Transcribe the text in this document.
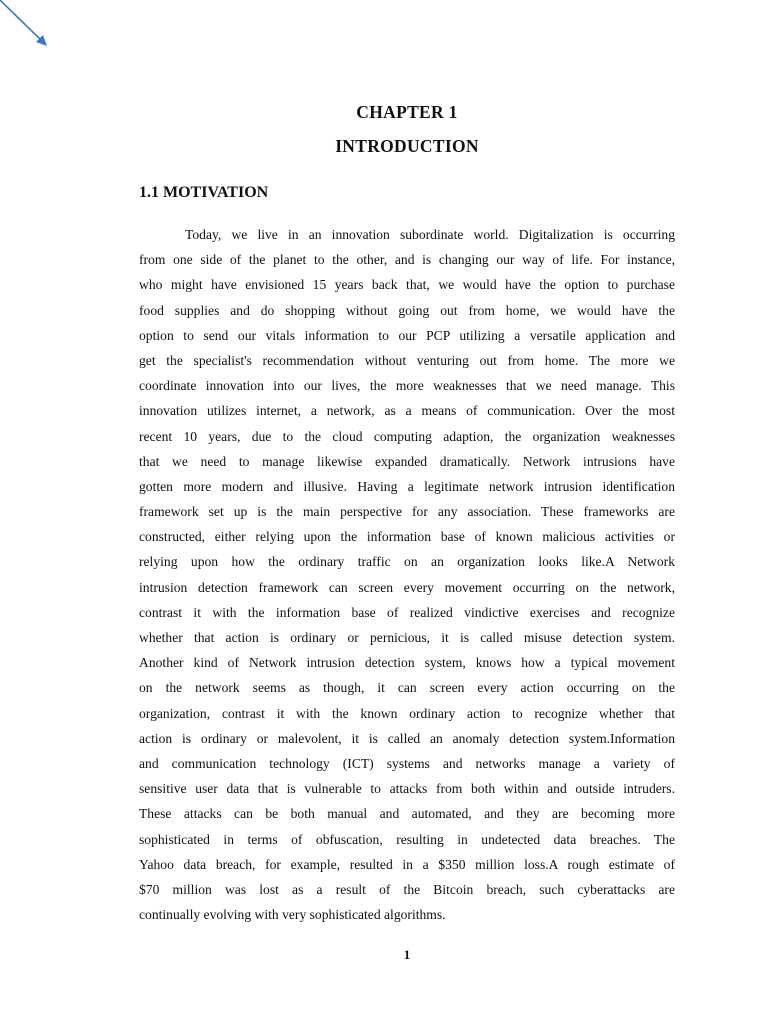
CHAPTER 1
INTRODUCTION
1.1 MOTIVATION
Today, we live in an innovation subordinate world. Digitalization is occurring
from one side of the planet to the other, and is changing our way of life. For instance,
who might have envisioned 15 years back that, we would have the option to purchase
food supplies and do shopping without going out from home, we would have the
option to send our vitals information to our PCP utilizing a versatile application and
get the specialist's recommendation without venturing out from home. The more we
coordinate innovation into our lives, the more weaknesses that we need manage. This
innovation utilizes internet, a network, as a means of communication. Over the most
recent 10 years, due to the cloud computing adaption, the organization weaknesses
that we need to manage likewise expanded dramatically. Network intrusions have
gotten more modern and illusive. Having a legitimate network intrusion identification
framework set up is the main perspective for any association. These frameworks are
constructed, either relying upon the information base of known malicious activities or
relying upon how the ordinary traffic on an organization looks like.A Network
intrusion detection framework can screen every movement occurring on the network,
contrast it with the information base of realized vindictive exercises and recognize
whether that action is ordinary or pernicious, it is called misuse detection system.
Another kind of Network intrusion detection system, knows how a typical movement
on the network seems as though, it can screen every action occurring on the
organization, contrast it with the known ordinary action to recognize whether that
action is ordinary or malevolent, it is called an anomaly detection system.Information
and communication technology (ICT) systems and networks manage a variety of
sensitive user data that is vulnerable to attacks from both within and outside intruders.
These attacks can be both manual and automated, and they are becoming more
sophisticated in terms of obfuscation, resulting in undetected data breaches. The
Yahoo data breach, for example, resulted in a $350 million loss.A rough estimate of
$70 million was lost as a result of the Bitcoin breach, such cyberattacks are
continually evolving with very sophisticated algorithms.
1
